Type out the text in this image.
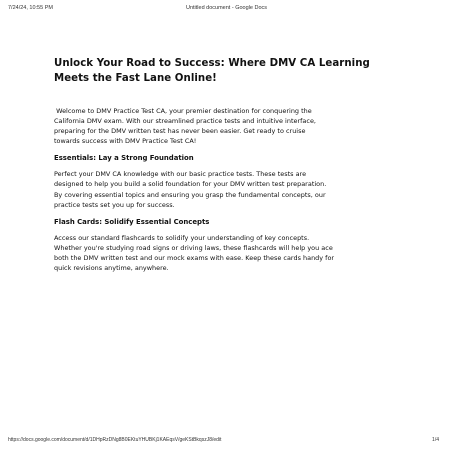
7/24/24, 10:55 PM	Untitled document - Google Docs
Unlock Your Road to Success: Where DMV CA Learning
Meets the Fast Lane Online!

Welcome to DMV Practice Test CA, your premier destination for conquering the
California DMV exam. With our streamlined practice tests and intuitive interface,
preparing for the DMV written test has never been easier. Get ready to cruise
towards success with DMV Practice Test CA!

Essentials: Lay a Strong Foundation

Perfect your DMV CA knowledge with our basic practice tests. These tests are
designed to help you build a solid foundation for your DMV written test preparation.
By covering essential topics and ensuring you grasp the fundamental concepts, our
practice tests set you up for success.

Flash Cards: Solidify Essential Concepts

Access our standard flashcards to solidify your understanding of key concepts.
Whether you're studying road signs or driving laws, these flashcards will help you ace
both the DMV written test and our mock exams with ease. Keep these cards handy for
quick revisions anytime, anywhere.

https://docs.google.com/document/d/1DHpRzDNg8B0EKtuYHUBKj1KAEqsV/geKStBkqszJ8/edit	1/4
